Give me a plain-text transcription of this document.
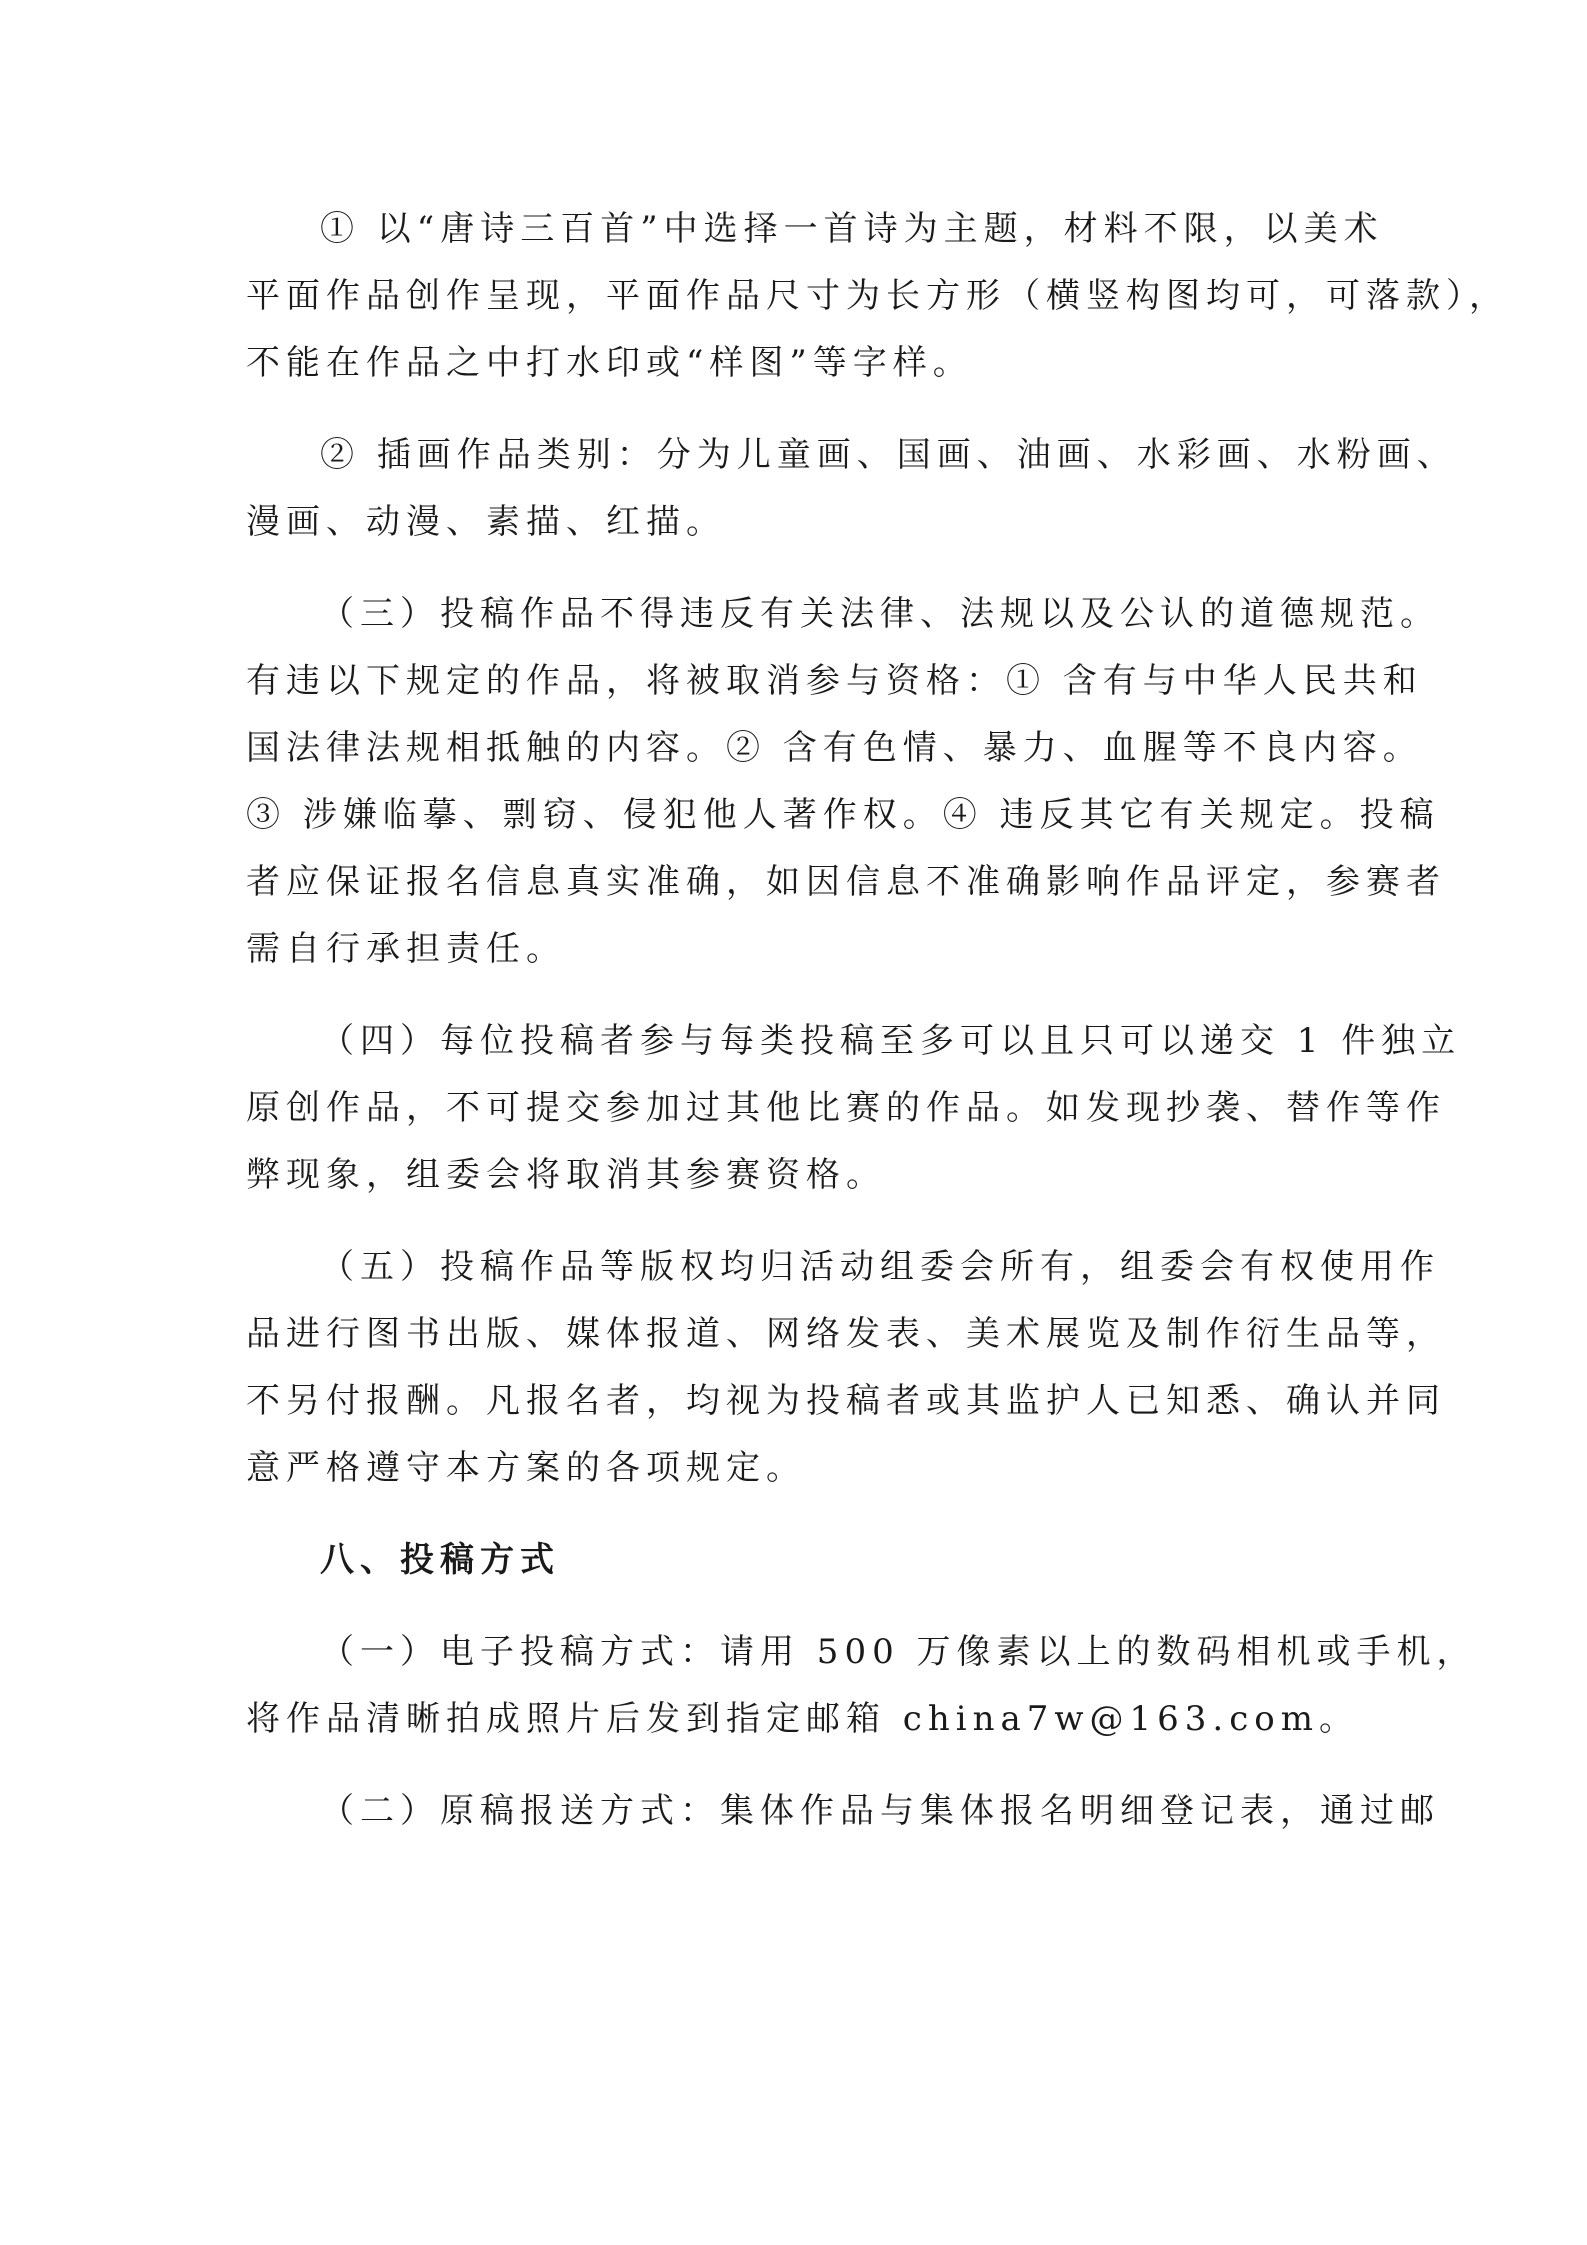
① 以“唐诗三百首”中选择一首诗为主题，材料不限，以美术
平面作品创作呈现，平面作品尺寸为长方形（横竖构图均可，可落款），
不能在作品之中打水印或“样图”等字样。

② 插画作品类别：分为儿童画、国画、油画、水彩画、水粉画、
漫画、动漫、素描、红描。

（三）投稿作品不得违反有关法律、法规以及公认的道德规范。
有违以下规定的作品，将被取消参与资格：① 含有与中华人民共和
国法律法规相抵触的内容。② 含有色情、暴力、血腥等不良内容。
③ 涉嫌临摹、剽窃、侵犯他人著作权。④ 违反其它有关规定。投稿
者应保证报名信息真实准确，如因信息不准确影响作品评定，参赛者
需自行承担责任。

（四）每位投稿者参与每类投稿至多可以且只可以递交 1 件独立
原创作品，不可提交参加过其他比赛的作品。如发现抄袭、替作等作
弊现象，组委会将取消其参赛资格。

（五）投稿作品等版权均归活动组委会所有，组委会有权使用作
品进行图书出版、媒体报道、网络发表、美术展览及制作衍生品等，
不另付报酬。凡报名者，均视为投稿者或其监护人已知悉、确认并同
意严格遵守本方案的各项规定。

八、投稿方式

（一）电子投稿方式：请用 500 万像素以上的数码相机或手机，
将作品清晰拍成照片后发到指定邮箱 china7w@163.com。

（二）原稿报送方式：集体作品与集体报名明细登记表，通过邮
